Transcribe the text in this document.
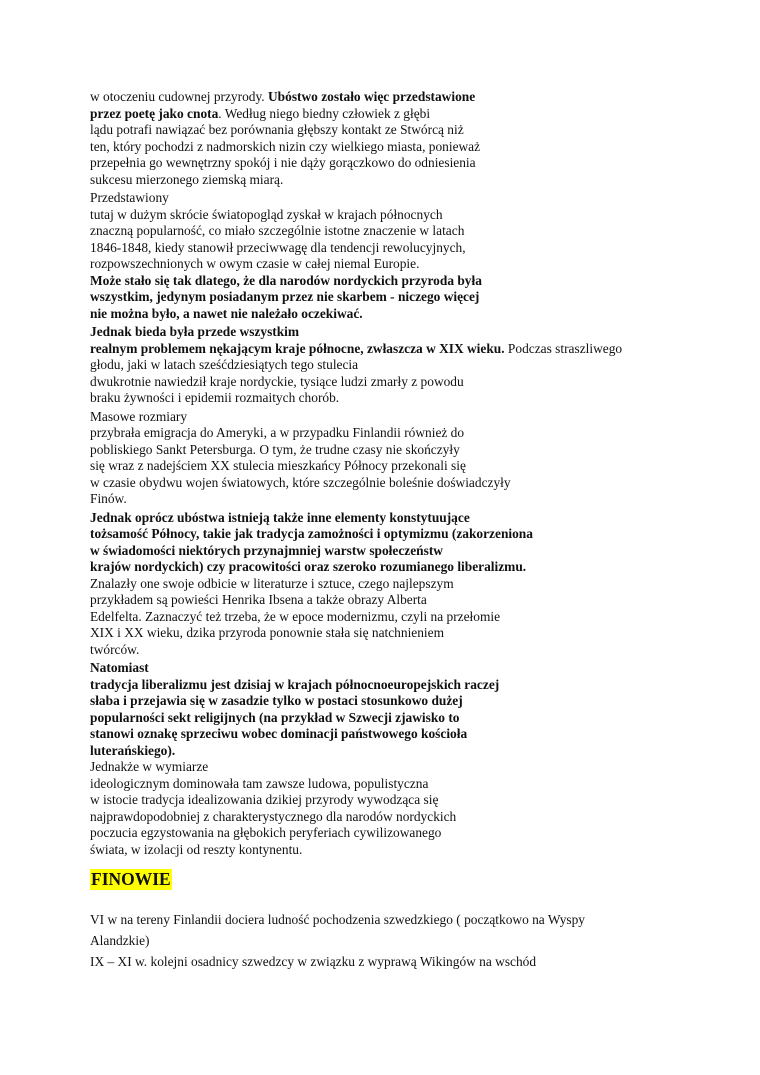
w otoczeniu cudownej przyrody. Ubóstwo zostało więc przedstawione
przez poetę jako cnota. Według niego biedny człowiek z głębi
lądu potrafi nawiązać bez porównania głębszy kontakt ze Stwórcą niż
ten, który pochodzi z nadmorskich nizin czy wielkiego miasta, ponieważ
przepełnia go wewnętrzny spokój i nie dąży gorączkowo do odniesienia
sukcesu mierzonego ziemską miarą.
Przedstawiony
tutaj w dużym skrócie światopogląd zyskał w krajach północnych
znaczną popularność, co miało szczególnie istotne znaczenie w latach
1846-1848, kiedy stanowił przeciwwagę dla tendencji rewolucyjnych,
rozpowszechnionych w owym czasie w całej niemal Europie.
Może stało się tak dlatego, że dla narodów nordyckich przyroda była
wszystkim, jedynym posiadanym przez nie skarbem - niczego więcej
nie można było, a nawet nie należało oczekiwać.
Jednak bieda była przede wszystkim
realnym problemem nękającym kraje północne, zwłaszcza w XIX wieku. Podczas straszliwego
głodu, jaki w latach sześćdziesiątych tego stulecia
dwukrotnie nawiedził kraje nordyckie, tysiące ludzi zmarły z powodu
braku żywności i epidemii rozmaitych chorób.
Masowe rozmiary
przybrała emigracja do Ameryki, a w przypadku Finlandii również do
pobliskiego Sankt Petersburga. O tym, że trudne czasy nie skończyły
się wraz z nadejściem XX stulecia mieszkańcy Północy przekonali się
w czasie obydwu wojen światowych, które szczególnie boleśnie doświadczyły
Finów.
Jednak oprócz ubóstwa istnieją także inne elementy konstytuujące
tożsamość Północy, takie jak tradycja zamożności i optymizmu (zakorzeniona
w świadomości niektórych przynajmniej warstw społeczeństw
krajów nordyckich) czy pracowitości oraz szeroko rozumianego liberalizmu.
Znalazły one swoje odbicie w literaturze i sztuce, czego najlepszym
przykładem są powieści Henrika Ibsena a także obrazy Alberta
Edelfelta. Zaznaczyć też trzeba, że w epoce modernizmu, czyli na przełomie
XIX i XX wieku, dzika przyroda ponownie stała się natchnieniem
twórców.
Natomiast
tradycja liberalizmu jest dzisiaj w krajach północnoeuropejskich raczej
słaba i przejawia się w zasadzie tylko w postaci stosunkowo dużej
popularności sekt religijnych (na przykład w Szwecji zjawisko to
stanowi oznakę sprzeciwu wobec dominacji państwowego kościoła
luterańskiego).
Jednakże w wymiarze
ideologicznym dominowała tam zawsze ludowa, populistyczna
w istocie tradycja idealizowania dzikiej przyrody wywodząca się
najprawdopodobniej z charakterystycznego dla narodów nordyckich
poczucia egzystowania na głębokich peryferiach cywilizowanego
świata, w izolacji od reszty kontynentu.
FINOWIE
VI w na tereny Finlandii dociera ludność pochodzenia szwedzkiego ( początkowo na Wyspy
Alandzkie)
IX – XI w. kolejni osadnicy szwedzcy w związku z wyprawą Wikingów na wschód
